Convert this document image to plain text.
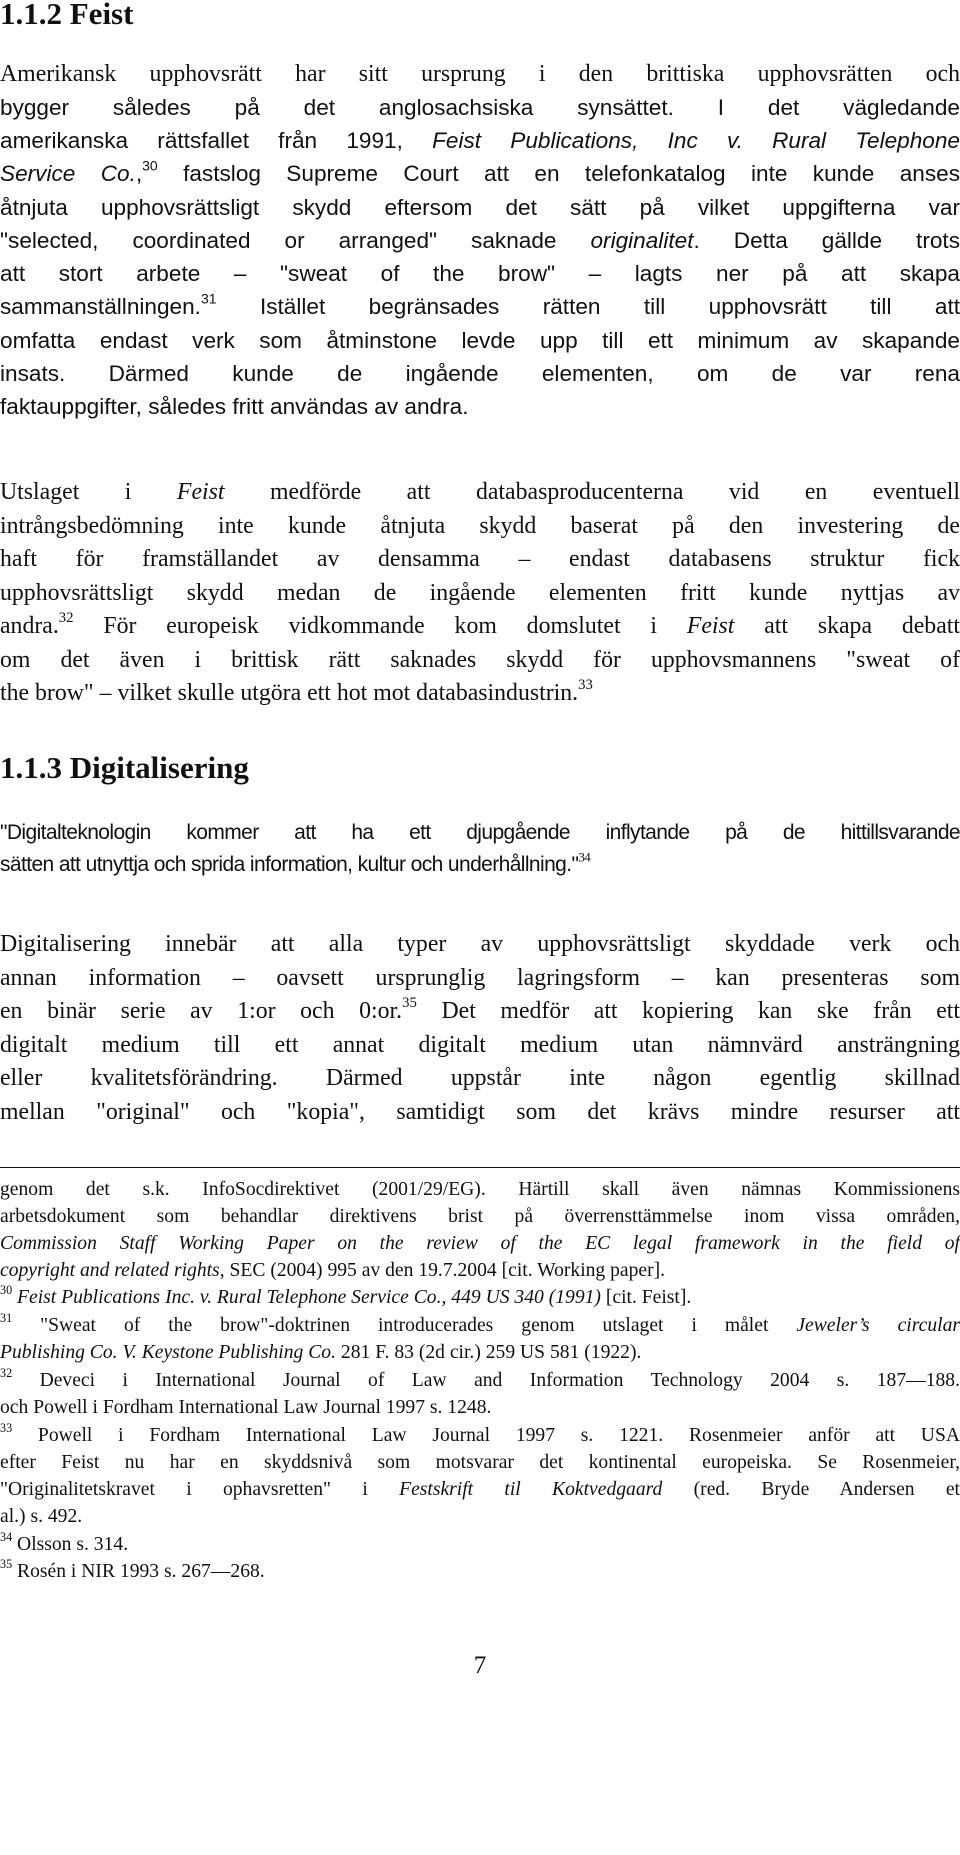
1.1.2 Feist
Amerikansk upphovsrätt har sitt ursprung i den brittiska upphovsrätten och
bygger således på det anglosachsiska synsättet. I det vägledande
amerikanska rättsfallet från 1991, Feist Publications, Inc v. Rural Telephone
Service Co.,$^{30}$ fastslog Supreme Court att en telefonkatalog inte kunde anses
åtnjuta upphovsrättsligt skydd eftersom det sätt på vilket uppgifterna var
"selected, coordinated or arranged" saknade originalitet. Detta gällde trots
att stort arbete – "sweat of the brow" – lagts ner på att skapa
sammanställningen.$^{31}$ Istället begränsades rätten till upphovsrätt till att
omfatta endast verk som åtminstone levde upp till ett minimum av skapande
insats. Därmed kunde de ingående elementen, om de var rena
faktauppgifter, således fritt användas av andra.
Utslaget i Feist medförde att databasproducenterna vid en eventuell
intrångsbedömning inte kunde åtnjuta skydd baserat på den investering de
haft för framställandet av densamma – endast databasens struktur fick
upphovsrättsligt skydd medan de ingående elementen fritt kunde nyttjas av
andra.$^{32}$ För europeisk vidkommande kom domslutet i Feist att skapa debatt
om det även i brittisk rätt saknades skydd för upphovsmannens "sweat of
the brow" – vilket skulle utgöra ett hot mot databasindustrin.$^{33}$
1.1.3 Digitalisering
"Digitalteknologin kommer att ha ett djupgående inflytande på de hittillsvarande
sätten att utnyttja och sprida information, kultur och underhållning."$^{34}$
Digitalisering innebär att alla typer av upphovsrättsligt skyddade verk och
annan information – oavsett ursprunglig lagringsform – kan presenteras som
en binär serie av 1:or och 0:or.$^{35}$ Det medför att kopiering kan ske från ett
digitalt medium till ett annat digitalt medium utan nämnvärd ansträngning
eller kvalitetsförändring. Därmed uppstår inte någon egentlig skillnad
mellan "original" och "kopia", samtidigt som det krävs mindre resurser att
genom det s.k. InfoSocdirektivet (2001/29/EG). Härtill skall även nämnas Kommissionens
arbetsdokument som behandlar direktivens brist på överrensttämmelse inom vissa områden,
Commission Staff Working Paper on the review of the EC legal framework in the field of
copyright and related rights, SEC (2004) 995 av den 19.7.2004 [cit. Working paper].
$^{30}$ Feist Publications Inc. v. Rural Telephone Service Co., 449 US 340 (1991) [cit. Feist].
$^{31}$ "Sweat of the brow"-doktrinen introducerades genom utslaget i målet Jeweler’s circular
Publishing Co. V. Keystone Publishing Co. 281 F. 83 (2d cir.) 259 US 581 (1922).
$^{32}$ Deveci i International Journal of Law and Information Technology 2004 s. 187—188.
och Powell i Fordham International Law Journal 1997 s. 1248.
$^{33}$ Powell i Fordham International Law Journal 1997 s. 1221. Rosenmeier anför att USA
efter Feist nu har en skyddsnivå som motsvarar det kontinental europeiska. Se Rosenmeier,
"Originalitetskravet i ophavsretten" i Festskrift til Koktvedgaard (red. Bryde Andersen et
al.) s. 492.
$^{34}$ Olsson s. 314.
$^{35}$ Rosén i NIR 1993 s. 267—268.
7
